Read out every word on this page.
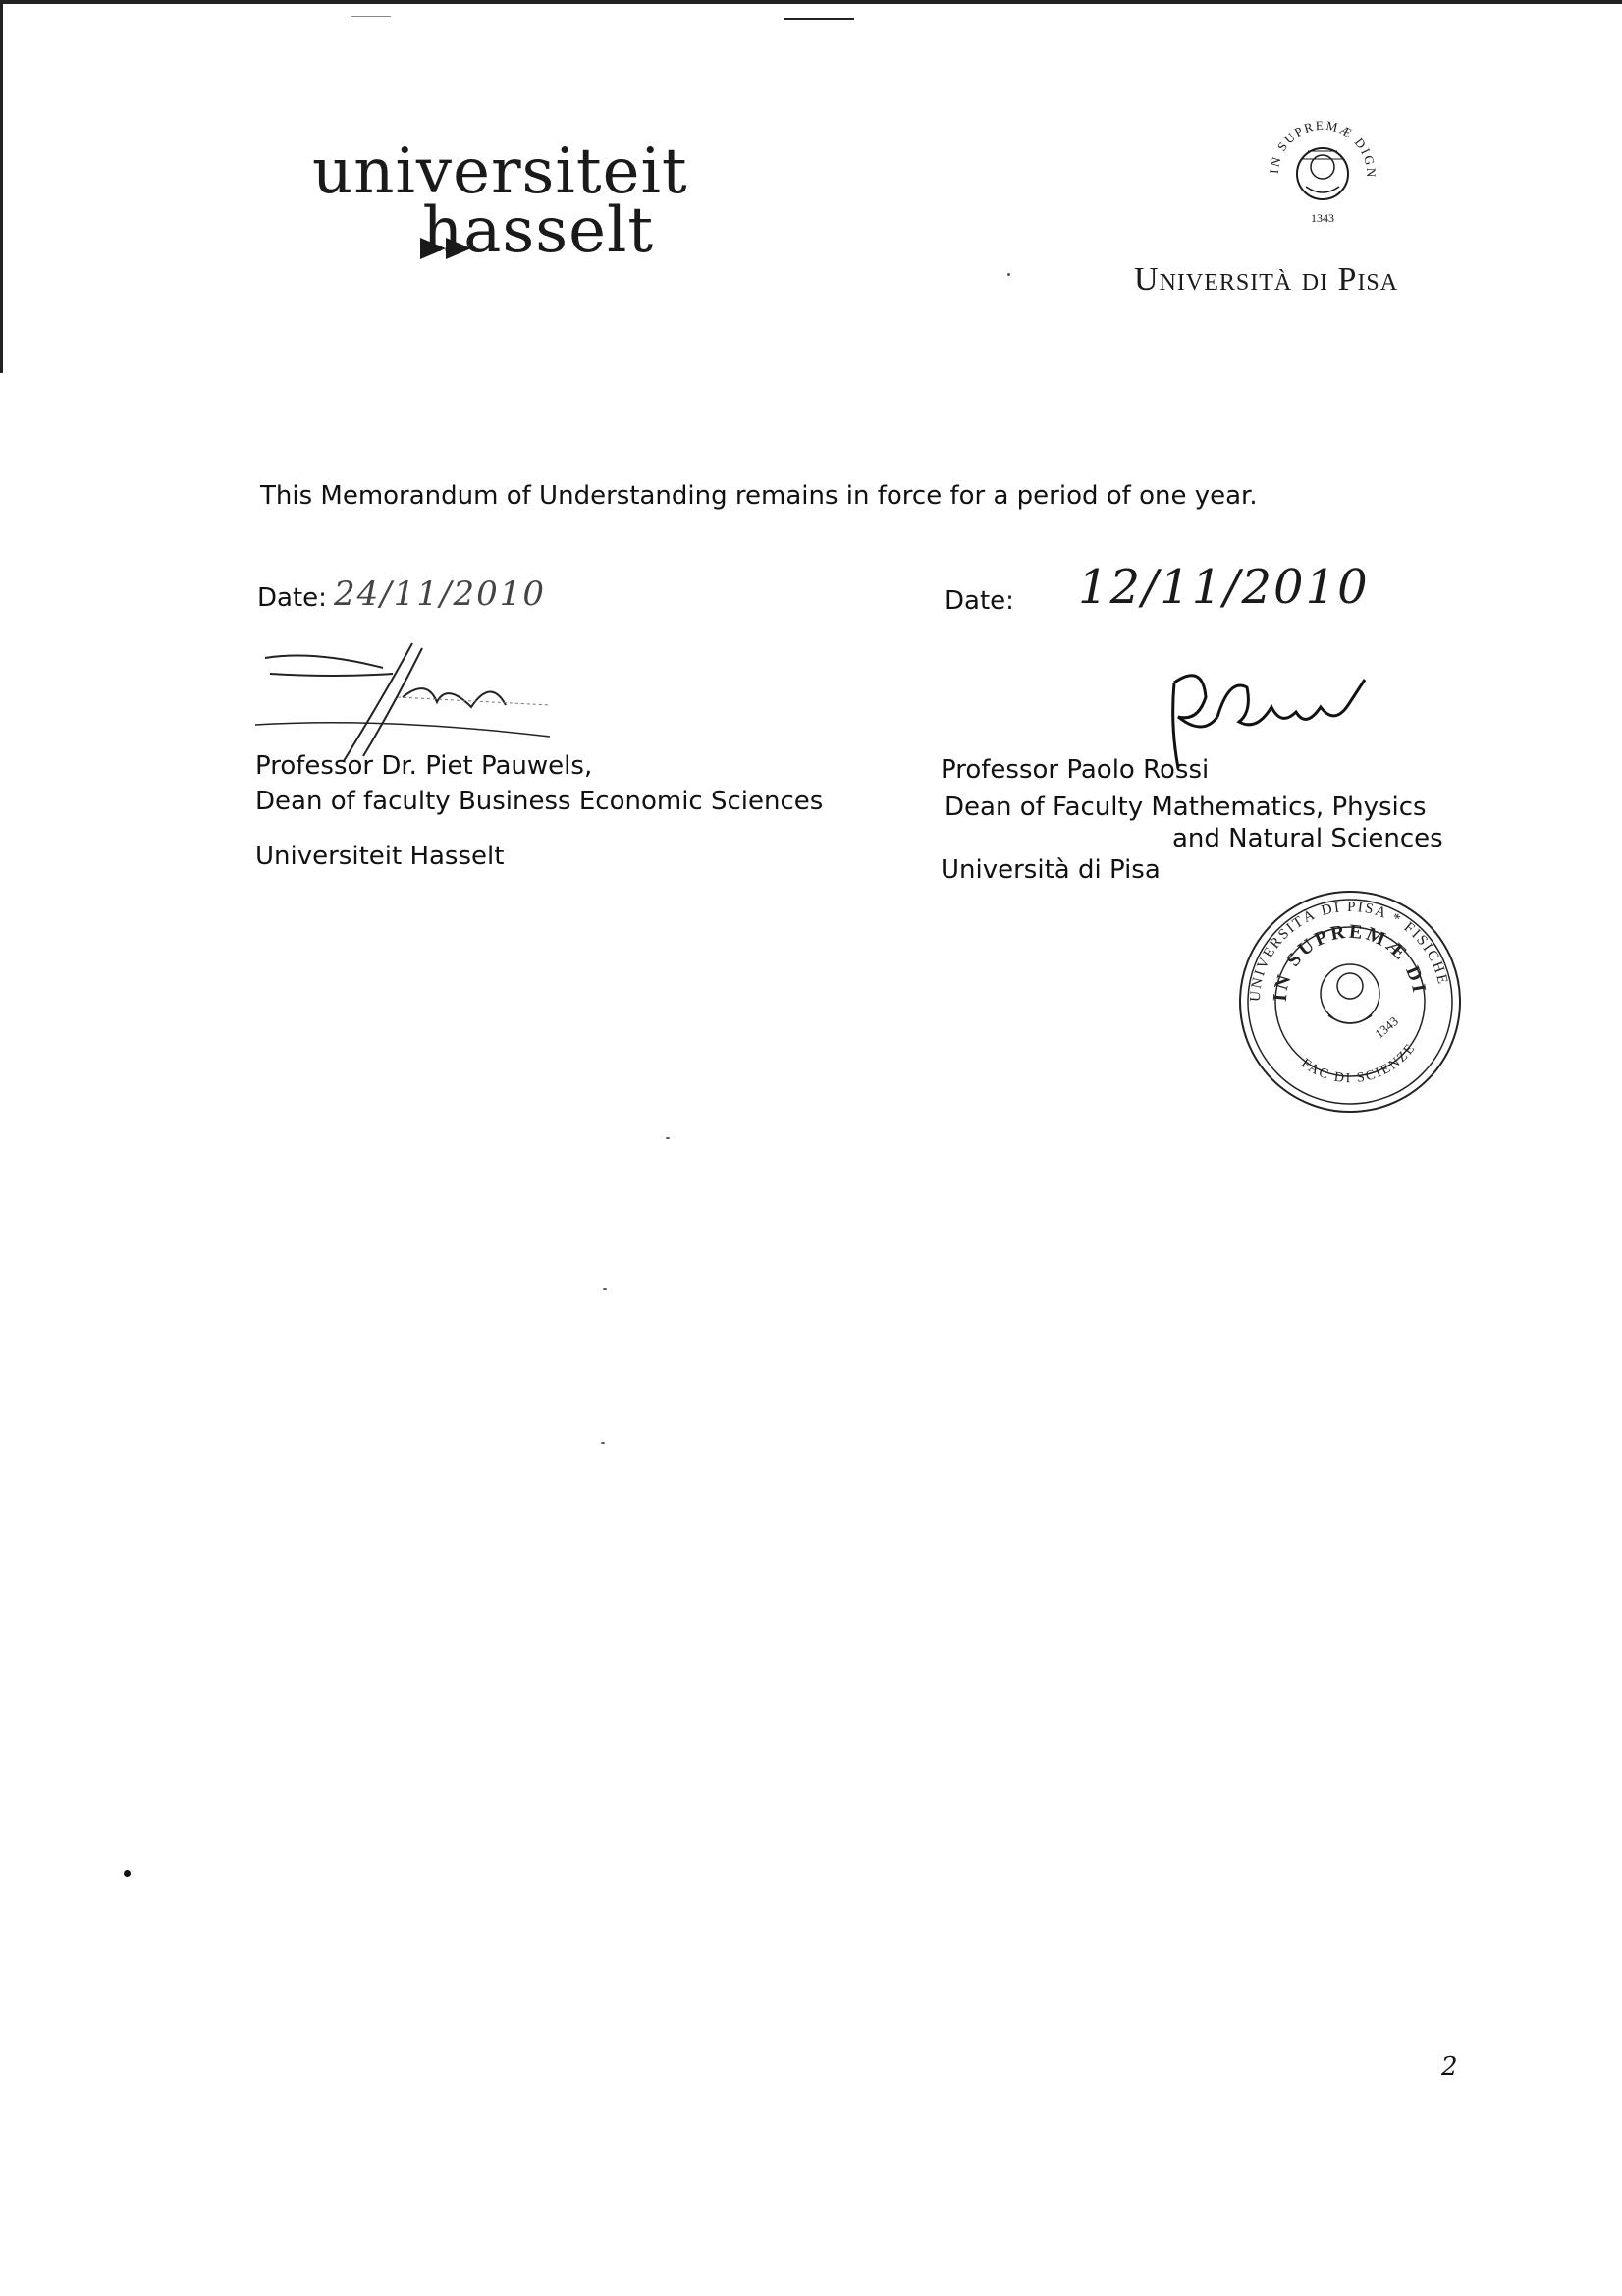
universiteit
hasselt
IN SUPREMÆ DIGN
1343
Università di Pisa
This Memorandum of Understanding remains in force for a period of one year.
Date: 24/11/2010	Date: 12/11/2010
Professor Dr. Piet Pauwels,
Dean of faculty Business Economic Sciences
Universiteit Hasselt
Professor Paolo Rossi
Dean of Faculty Mathematics, Physics
and Natural Sciences
Università di Pisa
UNIVERSITÀ DI PISA * FISICHE
IN SUPREMÆ DI
FAC DI SCIENZE
1343
2
